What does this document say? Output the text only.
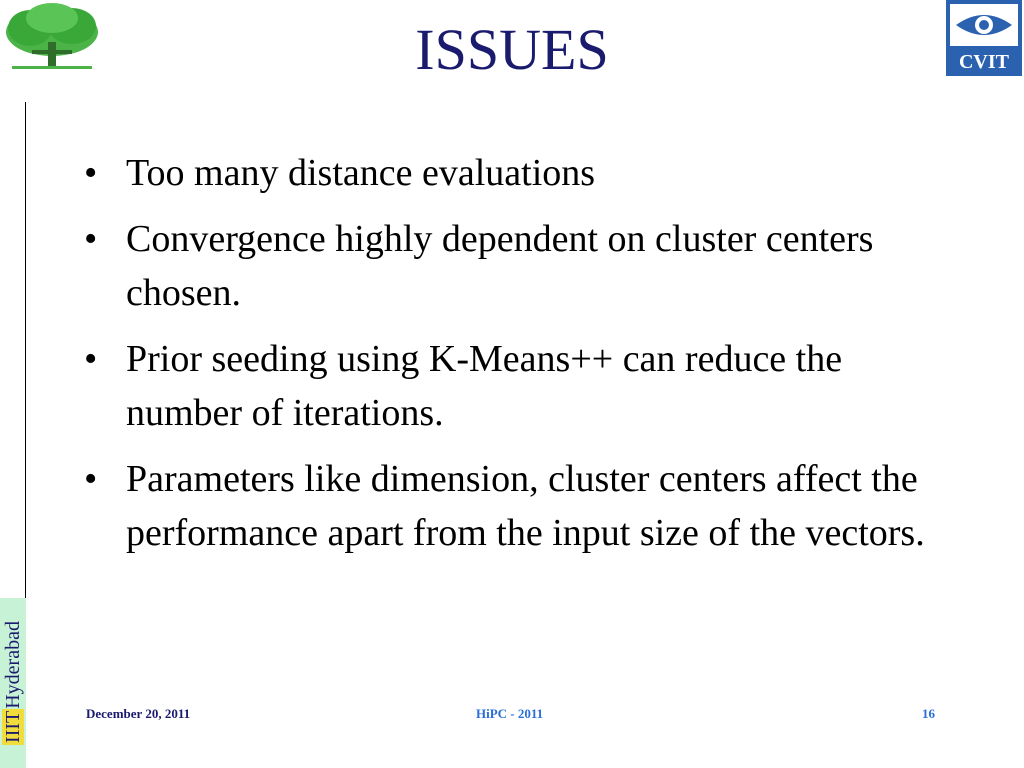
CVIT
ISSUES
• Too many distance evaluations
• Convergence highly dependent on cluster centers chosen.
• Prior seeding using K-Means++ can reduce the number of iterations.
• Parameters like dimension, cluster centers affect the performance apart from the input size of the vectors.
IIITHyderabad
December 20, 2011	HiPC - 2011	16
